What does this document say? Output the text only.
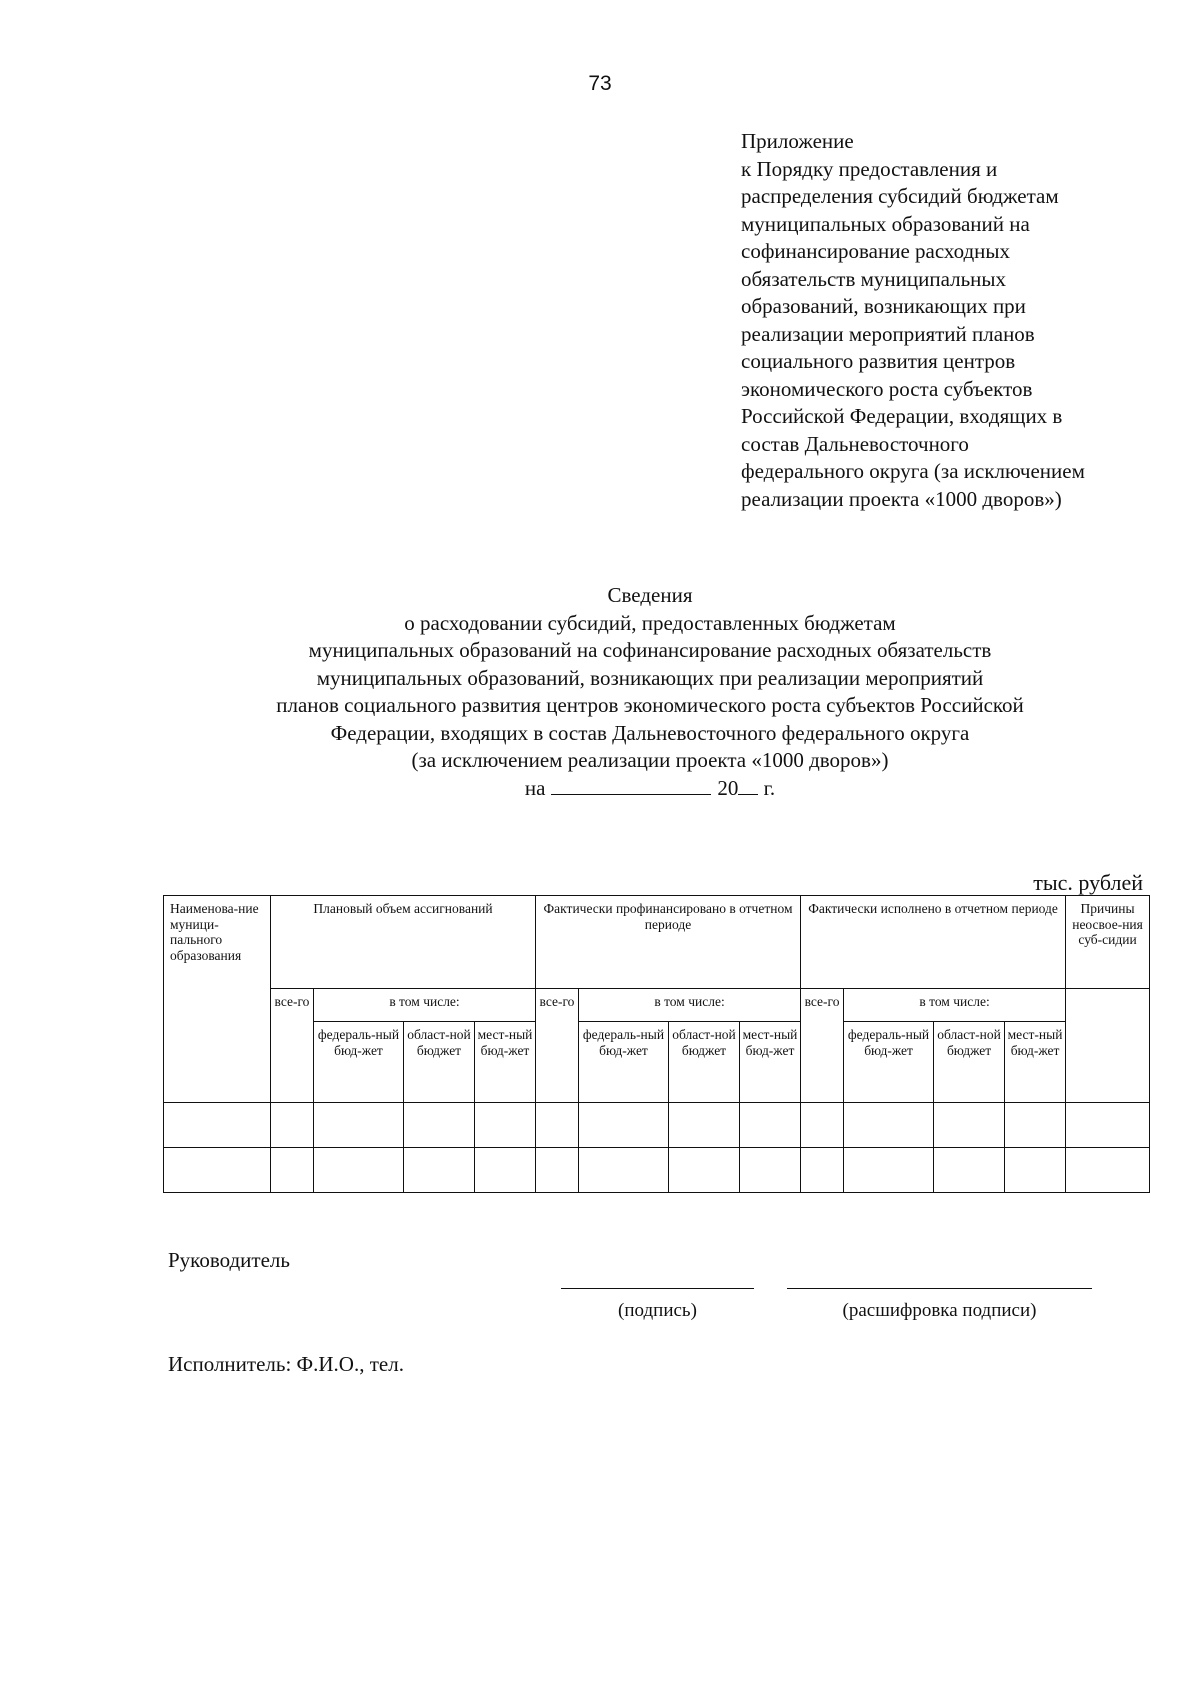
73
Приложение
к Порядку предоставления и
распределения субсидий бюджетам
муниципальных образований на
софинансирование расходных
обязательств муниципальных
образований, возникающих при
реализации мероприятий планов
социального развития центров
экономического роста субъектов
Российской Федерации, входящих в
состав Дальневосточного
федерального округа (за исключением
реализации проекта «1000 дворов»)
Сведения
о расходовании субсидий, предоставленных бюджетам
муниципальных образований на софинансирование расходных обязательств
муниципальных образований, возникающих при реализации мероприятий
планов социального развития центров экономического роста субъектов Российской
Федерации, входящих в состав Дальневосточного федерального округа
(за исключением реализации проекта «1000 дворов»)
на	20 г.
тыс. рублей
Наименова-ние муници-пального образования	Плановый объем ассигнований				Фактически профинансировано в отчетном периоде				Фактически исполнено в отчетном периоде				Причины неосвое-ния суб-сидии
	все-го	в том числе:			все-го	в том числе:			все-го	в том числе:			
		федераль-ный бюд-жет	област-ной бюджет	мест-ный бюд-жет		федераль-ный бюд-жет	област-ной бюджет	мест-ный бюд-жет		федераль-ный бюд-жет	област-ной бюджет	мест-ный бюд-жет	

Руководитель
(подпись)	(расшифровка подписи)
Исполнитель: Ф.И.О., тел.
